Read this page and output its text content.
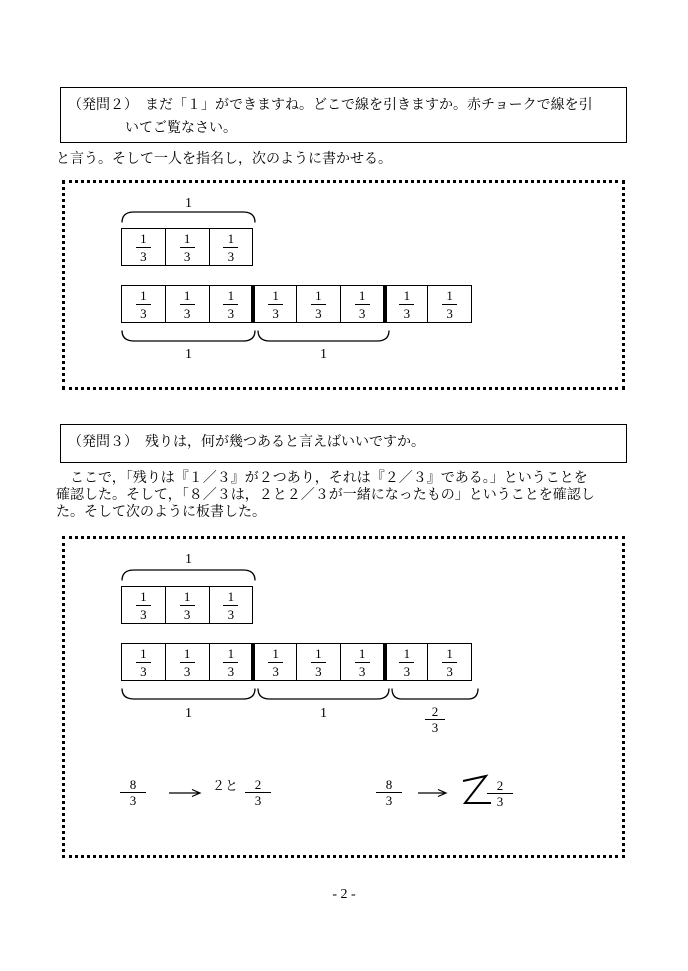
（発問２）　まだ「１」ができますね。どこで線を引きますか。赤チョークで線を引
いてご覧なさい。
と言う。そして一人を指名し，次のように書かせる。
1
1
3
1
3
1
3
1
3
1
3
1
3
1
3
1
3
1
3
1
3
1
3
1	1
（発問３）　残りは，何が幾つあると言えばいいですか。
　ここで，「残りは『１／３』が２つあり，それは『２／３』である。」ということを
確認した。そして，「８／３は，２と２／３が一緒になったもの」ということを確認し
た。そして次のように板書した。
1
1
3
1
3
1
3
1
3
1
3
1
3
1
3
1
3
1
3
1
3
1
3
1	1	2
3
8
3
２と 2
3
8
3
2
3
- 2 -
